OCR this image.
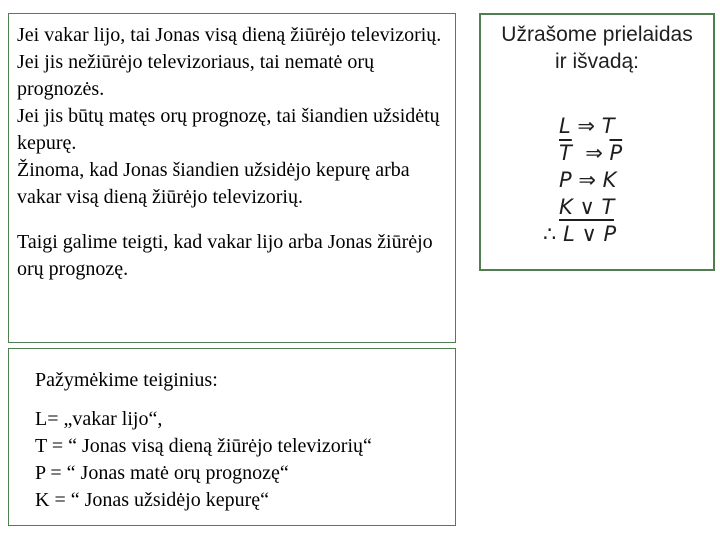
Jei vakar lijo, tai Jonas visą dieną žiūrėjo televizorių.

Jei jis nežiūrėjo televizoriaus, tai nematė orų prognozės.

Jei jis būtų matęs orų prognozę, tai šiandien užsidėtų kepurę.

Žinoma, kad Jonas šiandien užsidėjo kepurę arba vakar visą dieną žiūrėjo televizorių.

Taigi galime teigti, kad vakar lijo arba Jonas žiūrėjo orų prognozę.

Pažymėkime teiginius:

L= „vakar lijo“,

T = “ Jonas visą dieną žiūrėjo televizorių“

P = “ Jonas matė orų prognozę“

K = “ Jonas užsidėjo kepurę“

Užrašome prielaidas

ir išvadą:

L ⇒ T

$\overline{T}$ ⇒ $\overline{P}$

P ⇒ K

K ∨ T

∴ L ∨ P
